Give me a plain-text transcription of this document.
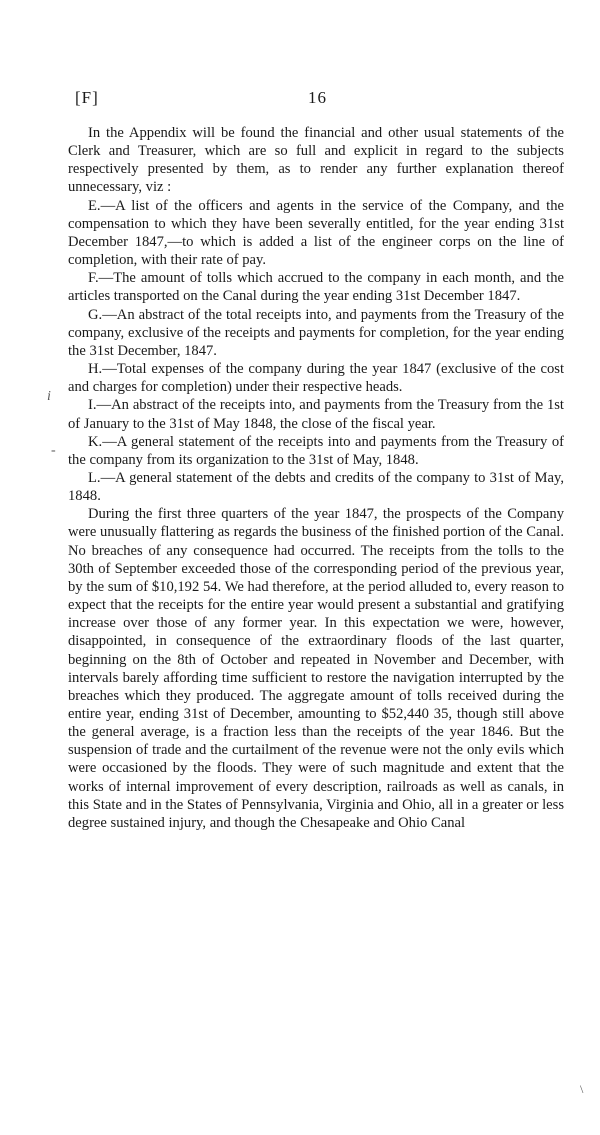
[F]	16
i
-
\

In the Appendix will be found the financial and other usual statements of the Clerk and Treasurer, which are so full and explicit in regard to the subjects respectively presented by them, as to render any further explanation thereof unnecessary, viz :

E.—A list of the officers and agents in the service of the Company, and the compensation to which they have been severally entitled, for the year ending 31st December 1847,—to which is added a list of the engineer corps on the line of completion, with their rate of pay.

F.—The amount of tolls which accrued to the company in each month, and the articles transported on the Canal during the year ending 31st December 1847.

G.—An abstract of the total receipts into, and payments from the Treasury of the company, exclusive of the receipts and payments for completion, for the year ending the 31st December, 1847.

H.—Total expenses of the company during the year 1847 (exclusive of the cost and charges for completion) under their respective heads.

I.—An abstract of the receipts into, and payments from the Treasury from the 1st of January to the 31st of May 1848, the close of the fiscal year.

K.—A general statement of the receipts into and payments from the Treasury of the company from its organization to the 31st of May, 1848.

L.—A general statement of the debts and credits of the company to 31st of May, 1848.

During the first three quarters of the year 1847, the prospects of the Company were unusually flattering as regards the business of the finished portion of the Canal. No breaches of any consequence had occurred. The receipts from the tolls to the 30th of September exceeded those of the corresponding period of the previous year, by the sum of $10,192 54. We had therefore, at the period alluded to, every reason to expect that the receipts for the entire year would present a substantial and gratifying increase over those of any former year. In this expectation we were, however, disappointed, in consequence of the extraordinary floods of the last quarter, beginning on the 8th of October and repeated in November and December, with intervals barely affording time sufficient to restore the navigation interrupted by the breaches which they produced. The aggregate amount of tolls received during the entire year, ending 31st of December, amounting to $52,440 35, though still above the general average, is a fraction less than the receipts of the year 1846. But the suspension of trade and the curtailment of the revenue were not the only evils which were occasioned by the floods. They were of such magnitude and extent that the works of internal improvement of every description, railroads as well as canals, in this State and in the States of Pennsylvania, Virginia and Ohio, all in a greater or less degree sustained injury, and though the Chesapeake and Ohio Canal
